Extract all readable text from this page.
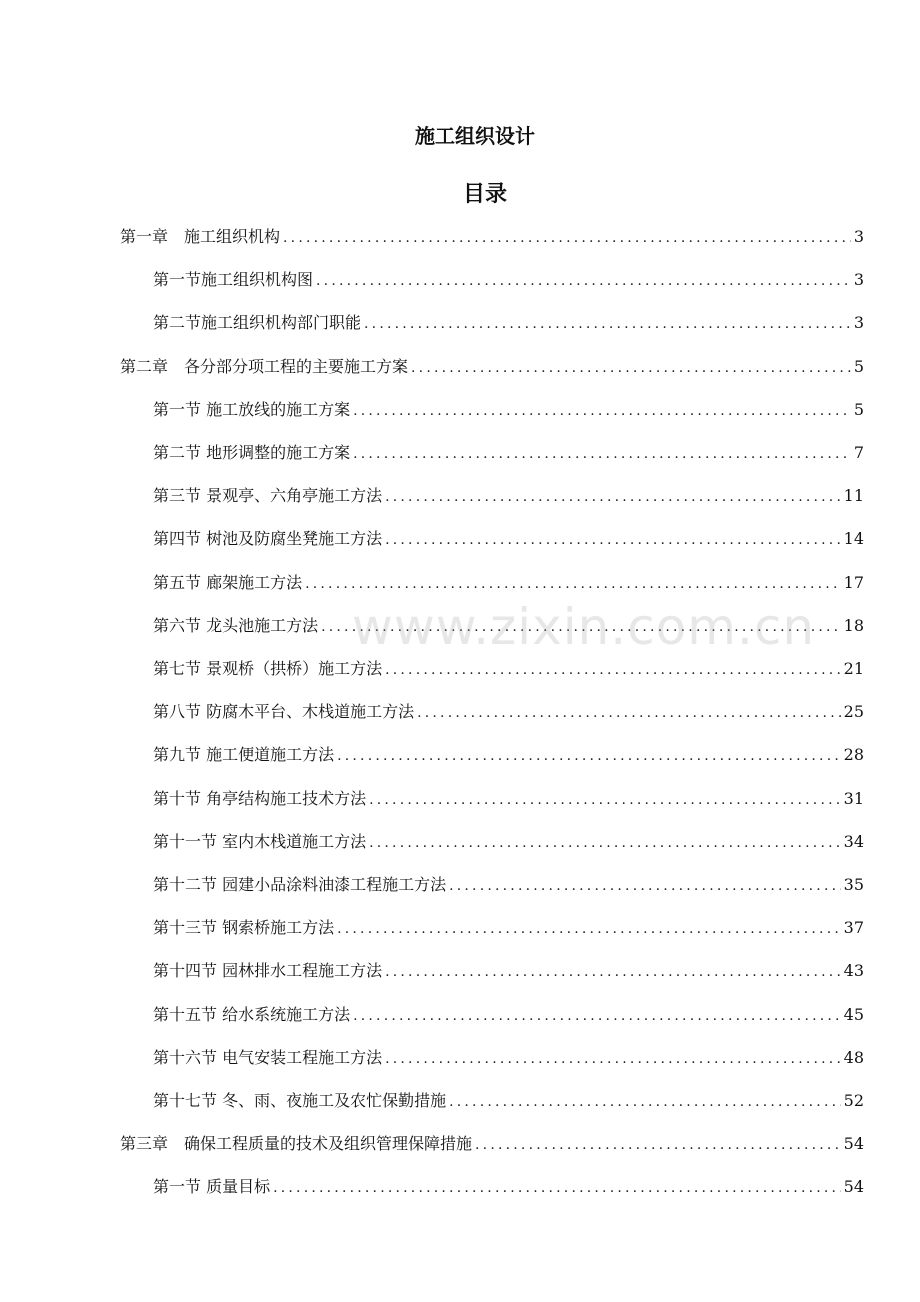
施工组织设计
目录
第一章　施工组织机构 .....	3
第一节施工组织机构图 .....	3
第二节施工组织机构部门职能 .....	3
第二章　各分部分项工程的主要施工方案 .....	5
第一节 施工放线的施工方案 .....	5
第二节 地形调整的施工方案 .....	7
第三节 景观亭、六角亭施工方法 .....	11
第四节 树池及防腐坐凳施工方法 .....	14
第五节 廊架施工方法 .....	17
第六节 龙头池施工方法 .....	18
第七节 景观桥（拱桥）施工方法 .....	21
第八节 防腐木平台、木栈道施工方法 .....	25
第九节 施工便道施工方法 .....	28
第十节 角亭结构施工技术方法 .....	31
第十一节 室内木栈道施工方法 .....	34
第十二节 园建小品涂料油漆工程施工方法 .....	35
第十三节 钢索桥施工方法 .....	37
第十四节 园林排水工程施工方法 .....	43
第十五节 给水系统施工方法 .....	45
第十六节 电气安装工程施工方法 .....	48
第十七节 冬、雨、夜施工及农忙保勤措施 .....	52
第三章　确保工程质量的技术及组织管理保障措施 .....	54
第一节 质量目标 .....	54
www.zixin.com.cn
